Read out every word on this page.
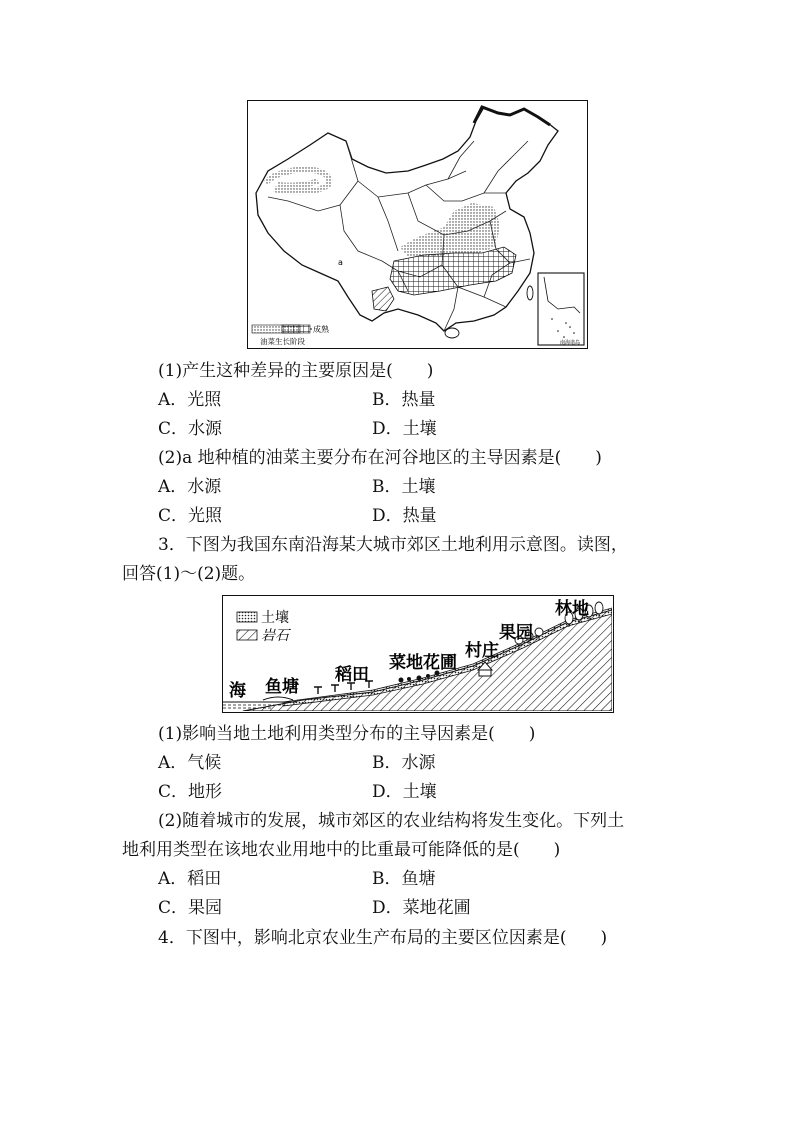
a
南海诸岛
成熟
油菜生长阶段
(1)产生这种差异的主要原因是(　　)
A．光照	B．热量
C．水源	D．土壤
(2)a 地种植的油菜主要分布在河谷地区的主导因素是(　　)
A．水源	B．土壤
C．光照	D．热量
3．下图为我国东南沿海某大城市郊区土地利用示意图。读图，
回答(1)～(2)题。
土壤
岩石
海 鱼塘
稻田
菜地花圃
村庄
果园
林地
(1)影响当地土地利用类型分布的主导因素是(　　)
A．气候	B．水源
C．地形	D．土壤
(2)随着城市的发展，城市郊区的农业结构将发生变化。下列土
地利用类型在该地农业用地中的比重最可能降低的是(　　)
A．稻田	B．鱼塘
C．果园	D．菜地花圃
4．下图中，影响北京农业生产布局的主要区位因素是(　　)
